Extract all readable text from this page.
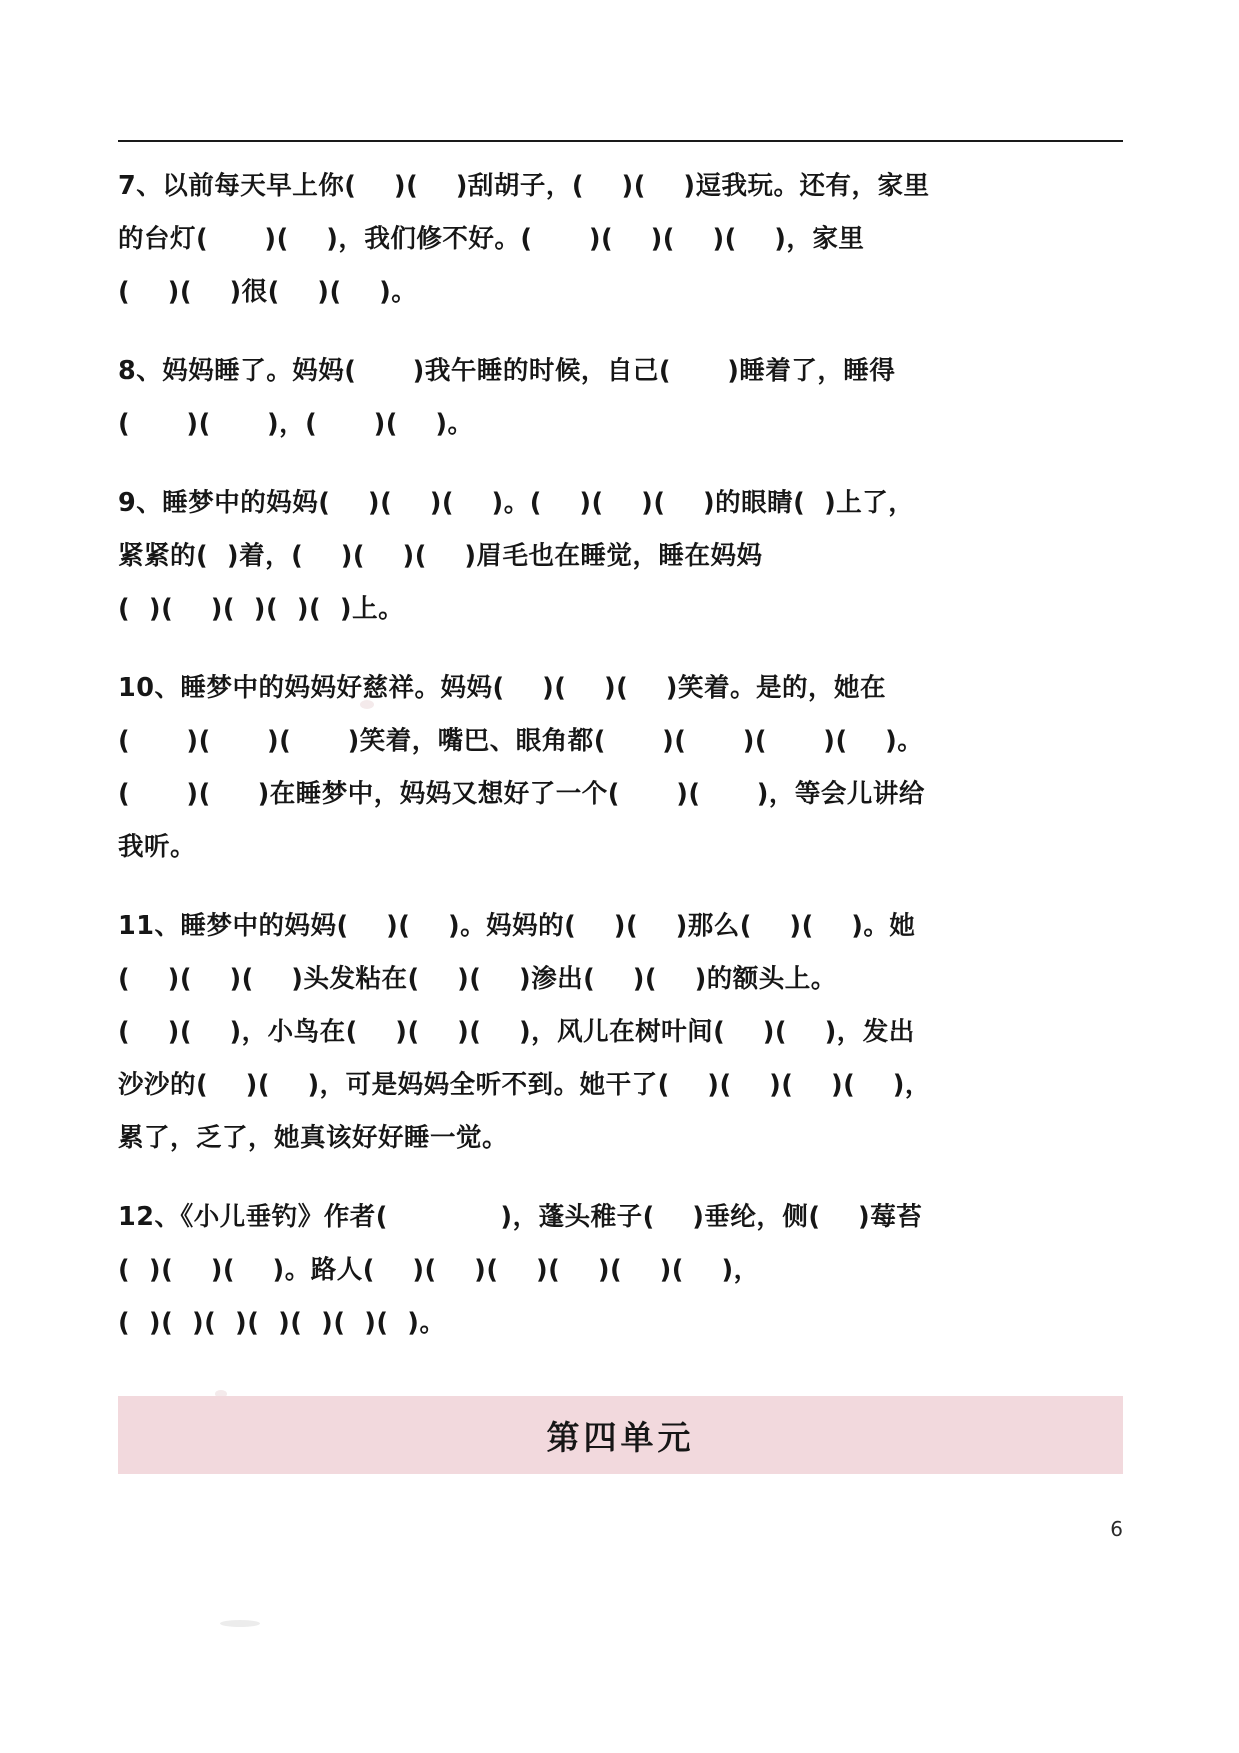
7、以前每天早上你(    )(    )刮胡子，(    )(    )逗我玩。还有，家里
的台灯(      )(    )，我们修不好。(      )(    )(    )(    )，家里
(    )(    )很(    )(    )。
8、妈妈睡了。妈妈(      )我午睡的时候，自己(      )睡着了，睡得
(      )(      )，(      )(    )。
9、睡梦中的妈妈(    )(    )(    )。(    )(    )(    )的眼睛(  )上了，
紧紧的(  )着，(    )(    )(    )眉毛也在睡觉，睡在妈妈
(  )(    )(  )(  )(  )上。
10、睡梦中的妈妈好慈祥。妈妈(    )(    )(    )笑着。是的，她在
(      )(      )(      )笑着，嘴巴、眼角都(      )(      )(      )(    )。
(      )(     )在睡梦中，妈妈又想好了一个(      )(      )，等会儿讲给
我听。
11、睡梦中的妈妈(    )(    )。妈妈的(    )(    )那么(    )(    )。她
(    )(    )(    )头发粘在(    )(    )渗出(    )(    )的额头上。
(    )(    )，小鸟在(    )(    )(    )，风儿在树叶间(    )(    )，发出
沙沙的(    )(    )，可是妈妈全听不到。她干了(    )(    )(    )(    )，
累了，乏了，她真该好好睡一觉。
12、《小儿垂钓》作者(            )，蓬头稚子(    )垂纶，侧(    )莓苔
(  )(    )(    )。路人(    )(    )(    )(    )(    )(    )，
(  )(  )(  )(  )(  )(  )(  )。
第四单元
6
